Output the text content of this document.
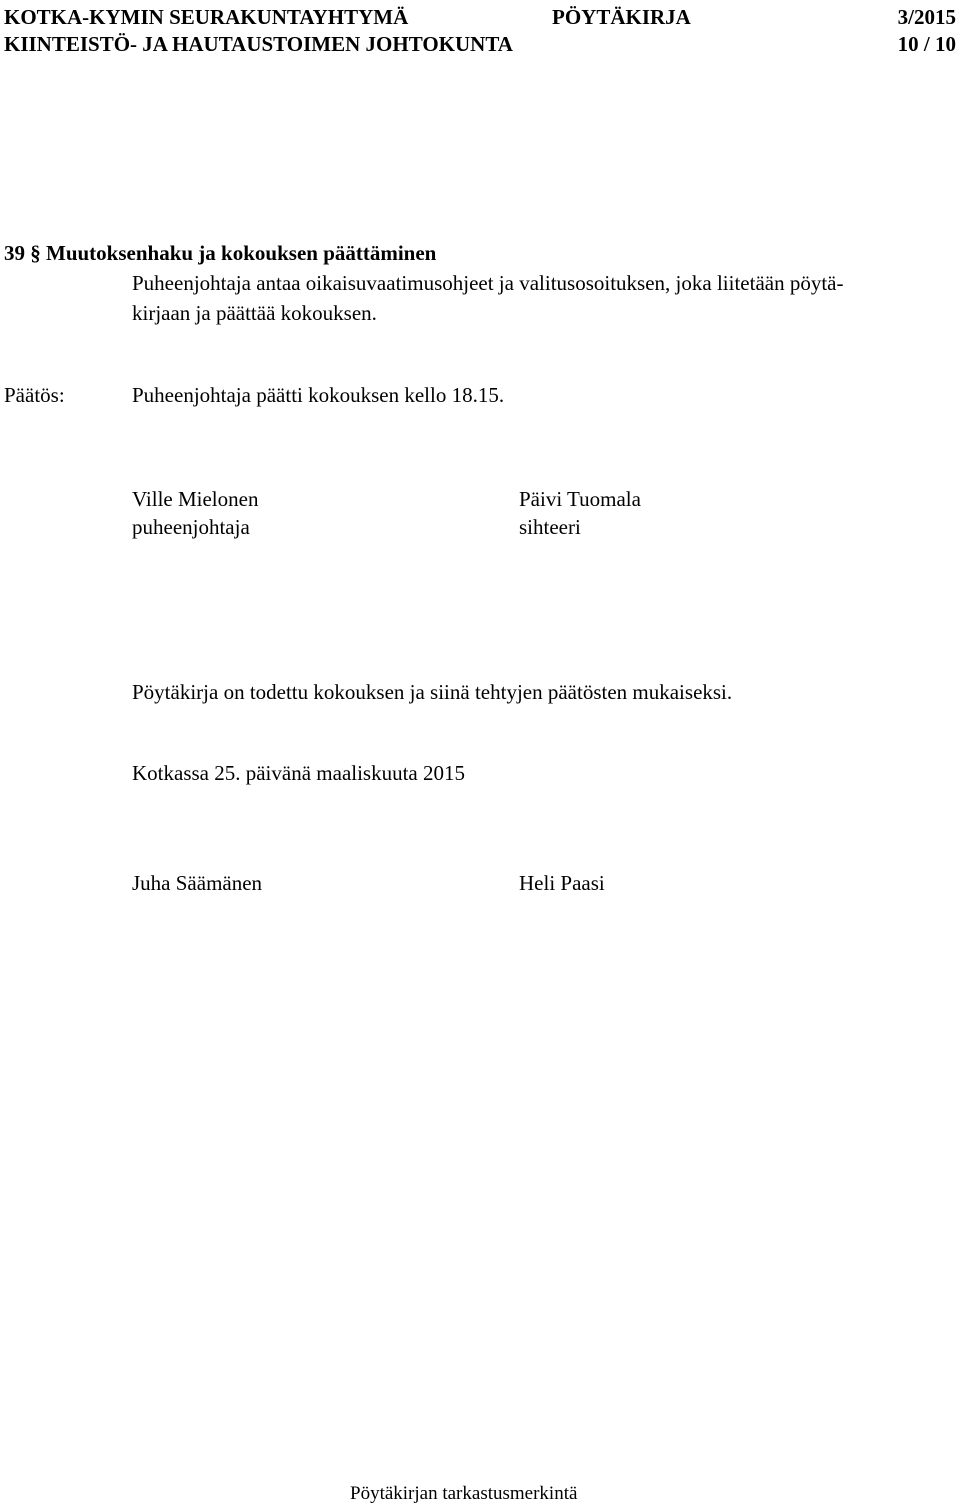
KOTKA-KYMIN SEURAKUNTAYHTYMÄ	PÖYTÄKIRJA	3/2015
KIINTEISTÖ- JA HAUTAUSTOIMEN JOHTOKUNTA	10 / 10
39 § Muutoksenhaku ja kokouksen päättäminen
Puheenjohtaja antaa oikaisuvaatimusohjeet ja valitusosoituksen, joka liitetään pöytä-
kirjaan ja päättää kokouksen.
Päätös:	Puheenjohtaja päätti kokouksen kello 18.15.
Ville Mielonen
puheenjohtaja
Päivi Tuomala
sihteeri
Pöytäkirja on todettu kokouksen ja siinä tehtyjen päätösten mukaiseksi.
Kotkassa 25. päivänä maaliskuuta 2015
Juha Säämänen	Heli Paasi
Pöytäkirjan tarkastusmerkintä
